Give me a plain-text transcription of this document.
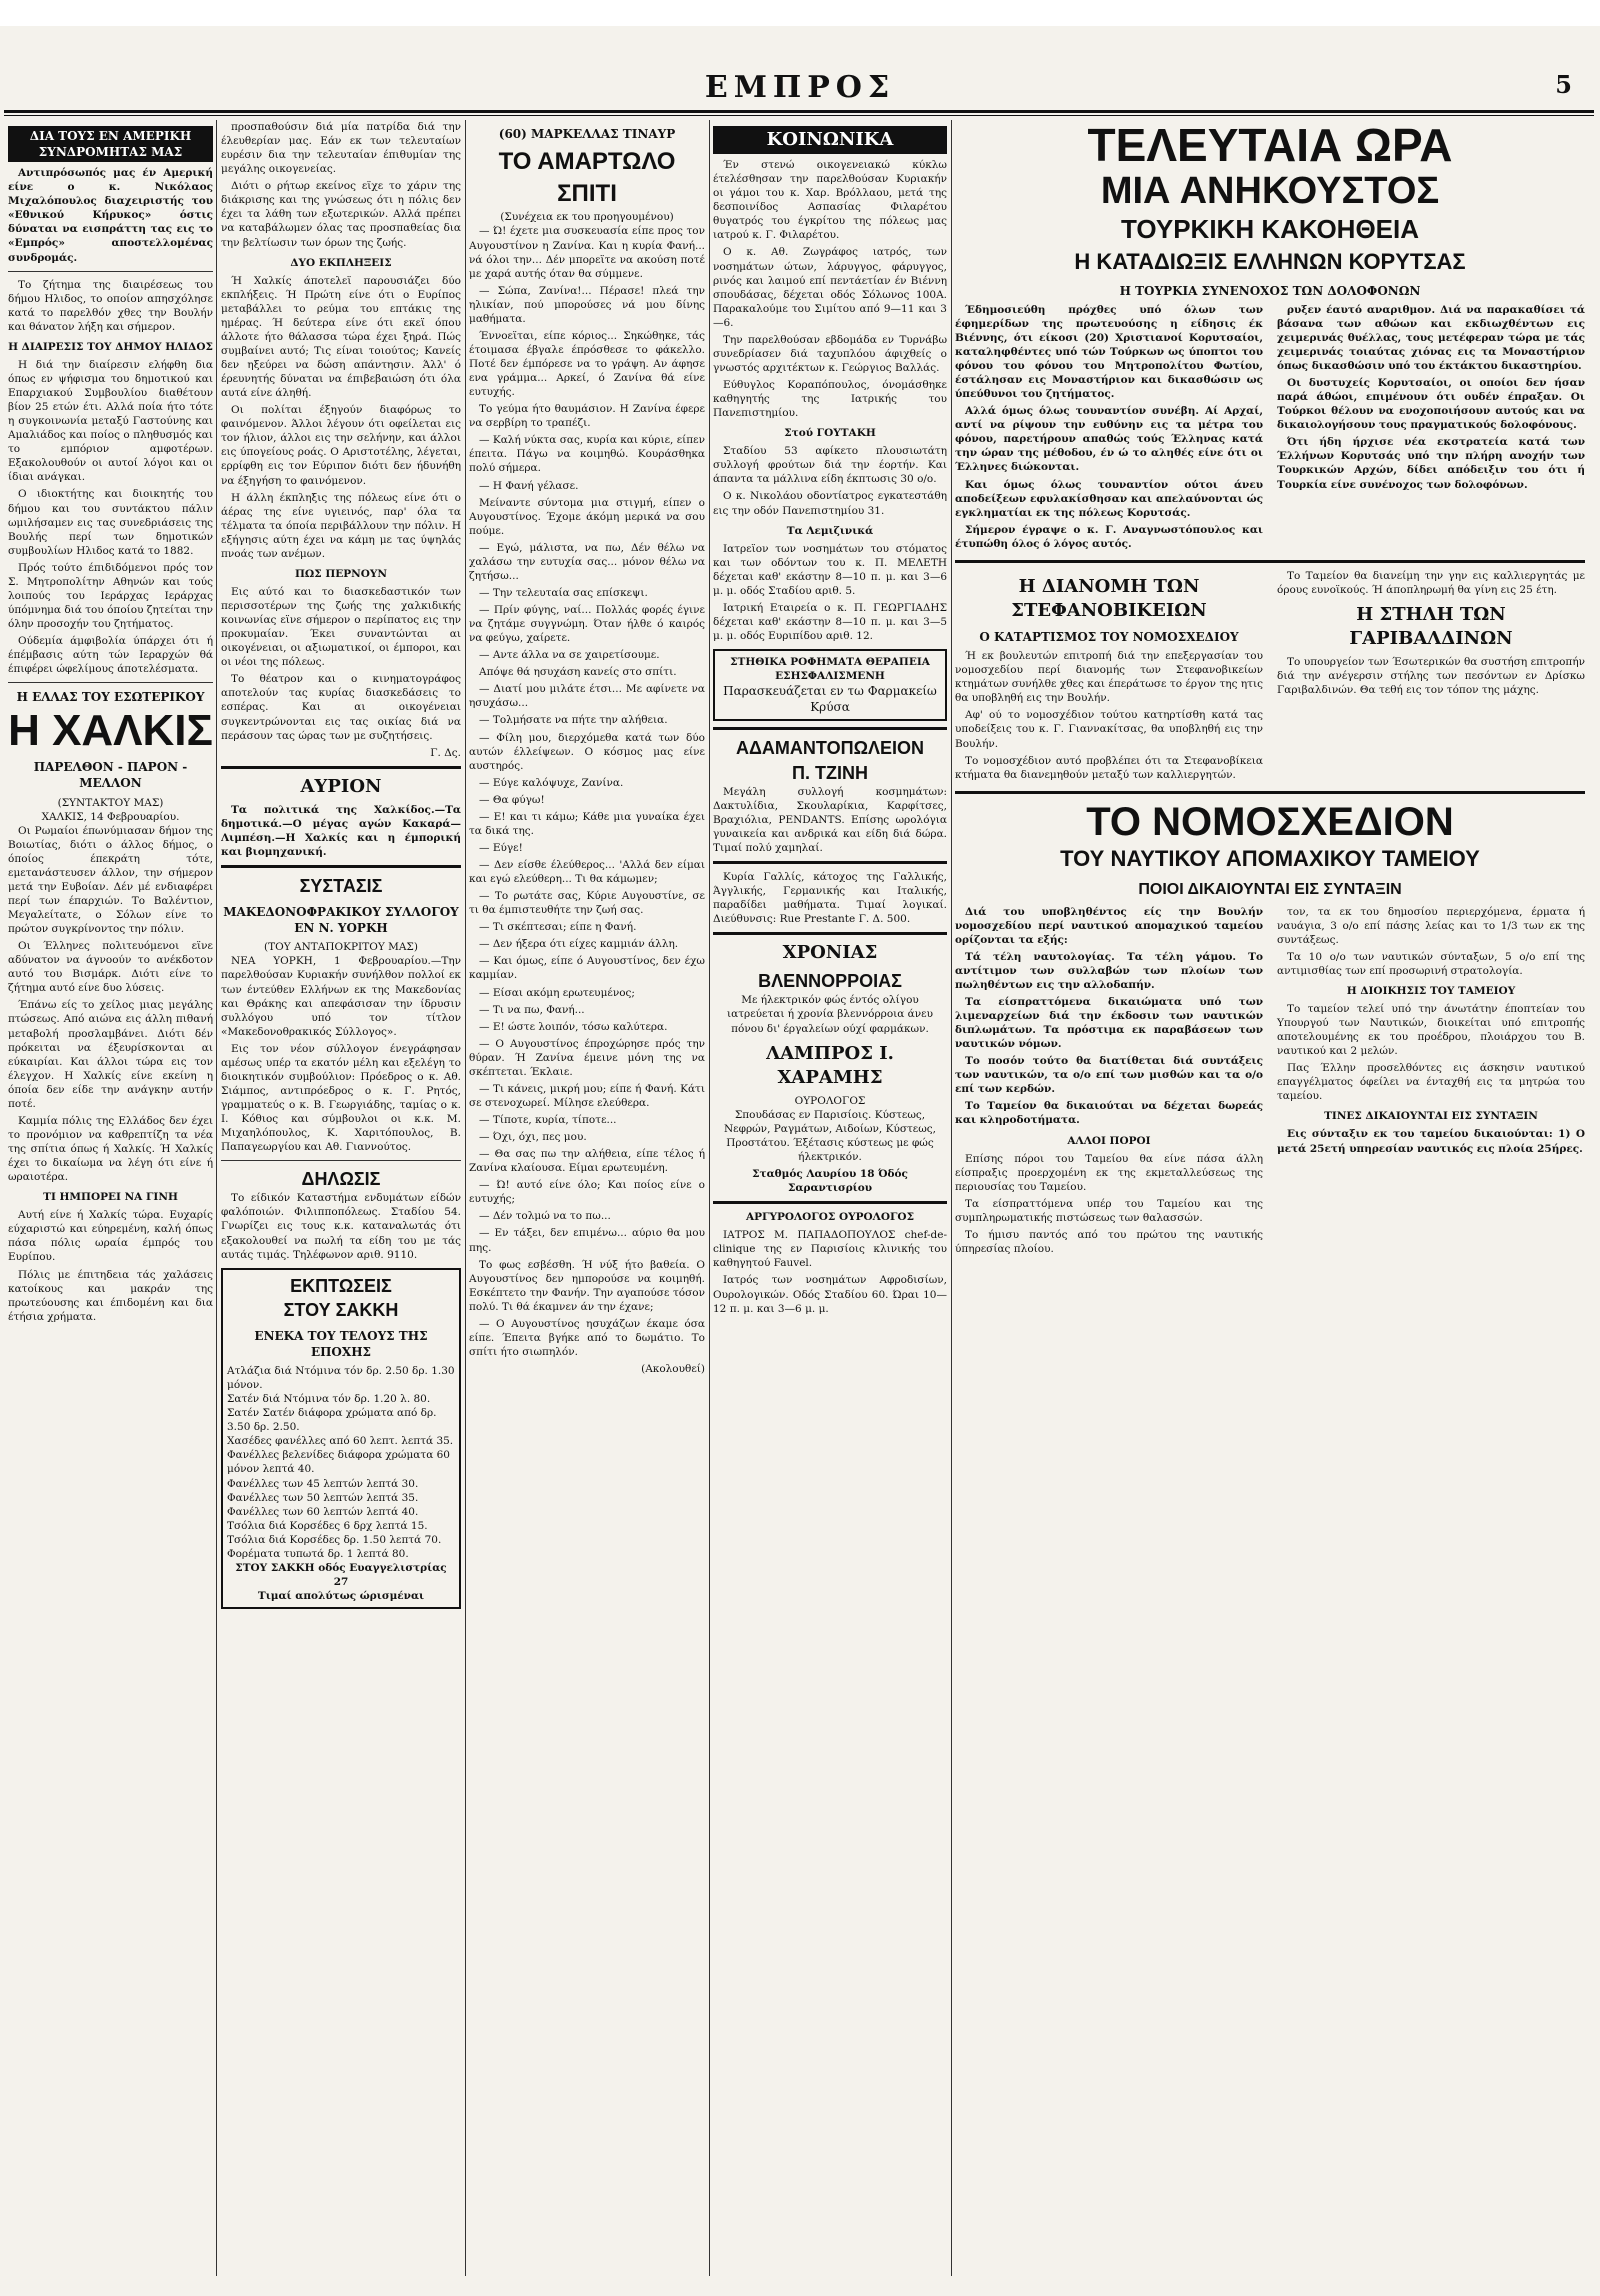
ΕΜΠΡΟΣ	5
ΔΙΑ ΤΟΥΣ ΕΝ ΑΜΕΡΙΚΗ ΣΥΝΔΡΟΜΗΤΑΣ ΜΑΣ

Αντιπρόσωπός μας έν Αμερική είνε ο κ. Νικόλαος Μιχαλόπουλος διαχειριστής του «Εθνικού Κήρυκος» όστις δύναται να εισπράττη τας εις το «Εμπρός» αποστελλομένας συνδρομάς.

Το ζήτημα της διαιρέσεως του δήμου Ηλιδος, το οποίον απησχόλησε κατά το παρελθόν χθες την Βουλήν και θάνατον λήξη και σήμερον.

Η ΔΙΑΙΡΕΣΙΣ ΤΟΥ ΔΗΜΟΥ ΗΛΙΔΟΣ

Η διά την διαίρεσιν ελήφθη δια όπως εν ψήφισμα του δημοτικού και Επαρχιακού Συμβουλίου διαθέτουν βίον 25 ετών έτι. Αλλά ποία ήτο τότε η συγκοινωνία μεταξύ Γαστούνης και Αμαλιάδος και ποίος ο πληθυσμός και το εμπόριον αμφοτέρων. Εξακολουθούν οι αυτοί λόγοι και οι ίδιαι ανάγκαι.

Ο ιδιοκτήτης και διοικητής του δήμου και του συντάκτου πάλιν ωμιλήσαμεν εις τας συνεδριάσεις της Βουλής περί των δημοτικών συμβουλίων Ηλιδος κατά το 1882.

Πρός τούτο έπιδιδόμενοι πρός τον Σ. Μητροπολίτην Αθηνών και τούς λοιπούς του Ιεράρχας Ιεράρχας ύπόμνημα διά του όποίου ζητείται την όλην προσοχήν του ζητήματος.

Ούδεμία άμφιβολία ύπάρχει ότι ή έπέμβασις αύτη τών Ιεραρχών θά έπιφέρει ώφελίμους άποτελέσματα.

Η ΕΛΛΑΣ ΤΟΥ ΕΣΩΤΕΡΙΚΟΥ
Η ΧΑΛΚΙΣ
ΠΑΡΕΛΘΟΝ - ΠΑΡΟΝ - ΜΕΛΛΟΝ
(ΣΥΝΤΑΚΤΟΥ ΜΑΣ)
ΧΑΛΚΙΣ, 14 Φεβρουαρίου.

Οι Ρωμαίοι έπωνύμιασαν δήμον της Βοιωτίας, διότι ο άλλος δήμος, ο όποίος έπεκράτη τότε, εμετανάστευσεν άλλον, την σήμερον μετά την Ευβοίαν. Δέν μέ ενδιαφέρει περί των έπαρχιών. Το Βαλέντιον, Μεγαλείτατε, ο Σόλων είνε το πρώτον συγκρίνοντος την πόλιν.

Οι Έλληνες πολιτευόμενοι εϊνε αδύνατον να άγνοούν το ανέκδοτον αυτό του Βισμάρκ. Διότι είνε το ζήτημα αυτό είνε δυο λύσεις.

Έπάνω είς το χείλος μιας μεγάλης πτώσεως. Από αιώνα εις άλλη πιθανή μεταβολή προσλαμβάνει. Διότι δέν πρόκειται να έξευρίσκονται αι εύκαιρίαι. Και άλλοι τώρα εις τον έλεγχον. Η Χαλκίς είνε εκείνη η όποία δεν είδε την ανάγκην αυτήν ποτέ.

Καμμία πόλις της Ελλάδος δεν έχει το προνόμιον να καθρεπτίζη τα νέα της σπίτια όπως ή Χαλκίς. Ή Χαλκίς έχει το δικαίωμα να λέγη ότι είνε ή ωραιοτέρα.

ΤΙ ΗΜΠΟΡΕΙ ΝΑ ΓΙΝΗ

Αυτή είνε ή Χαλκίς τώρα. Ευχαρίς εύχαριστώ και εύηρεμένη, καλή όπως πάσα πόλις ωραία έμπρός του Ευρίπου.

Πόλις με έπιτηδεια τάς χαλάσεις κατοίκους και μακράν της πρωτεύουσης και έπιδομένη και δια έτήσια χρήματα.

προσπαθούσιν διά μία πατρίδα διά την έλευθερίαν μας. Εάν εκ των τελευταίων ευρέσιν δια την τελευταίαν έπιθυμίαν της μεγάλης οικογενείας.

Διότι ο ρήτωρ εκείνος εϊχε το χάριν της διάκρισης και της γνώσεως ότι η πόλις δεν έχει τα λάθη των εξωτερικών. Αλλά πρέπει να καταβάλωμεν όλας τας προσπαθείας δια την βελτίωσιν των όρων της ζωής.

ΔΥΟ ΕΚΠΛΗΞΕΙΣ

Ή Χαλκίς άποτελεϊ παρουσιάζει δύο εκπλήξεις. Ή Πρώτη είνε ότι ο Ευρίπος μεταβάλλει το ρεύμα του επτάκις της ημέρας. Ή δεύτερα είνε ότι εκεϊ όπου άλλοτε ήτο θάλασσα τώρα έχει ξηρά. Πώς συμβαίνει αυτό; Τις είναι τοιούτος; Κανείς δεν ηξεύρει να δώση απάντησιν. Άλλ' ό έρευνητής δύναται να έπιβεβαιώση ότι όλα αυτά είνε άληθή.

Οι πολίται έξηγούν διαφόρως το φαινόμενον. Άλλοι λέγουν ότι οφείλεται εις τον ήλιον, άλλοι εις την σελήνην, και άλλοι εις ύπογείους ροάς. Ο Αριστοτέλης, λέγεται, ερρίφθη εις τον Εύριπον διότι δεν ήδυνήθη να έξηγήση το φαινόμενον.

Η άλλη έκπληξις της πόλεως είνε ότι ο άέρας της είνε υγιεινός, παρ' όλα τα τέλματα τα όποία περιβάλλουν την πόλιν. Η εξήγησις αύτη έχει να κάμη με τας ύψηλάς πνοάς των ανέμων.

ΠΩΣ ΠΕΡΝΟΥΝ

Εις αύτό και το διασκεδαστικόν των περισσοτέρων της ζωής της χαλκιδικής κοινωνίας εϊνε σήμερον ο περίπατος εις την προκυμαίαν. Έκει συναντώνται αι οικογένειαι, οι αξιωματικοί, οι έμποροι, και οι νέοι της πόλεως.

Το θέατρον και ο κινηματογράφος αποτελούν τας κυρίας διασκεδάσεις το εσπέρας. Και αι οικογένειαι συγκεντρώνονται εις τας οικίας διά να περάσουν τας ώρας των με συζητήσεις.

Γ. Δς.
ΑΥΡΙΟΝ

Τα πολιτικά της Χαλκίδος.—Τα δημοτικά.—Ο μέγας αγών Κακαρά—Λιμπέση.—Η Χαλκίς και η έμπορική και βιομηχανική.

ΣΥΣΤΑΣΙΣ
ΜΑΚΕΔΟΝΟΦΡΑΚΙΚΟΥ ΣΥΛΛΟΓΟΥ ΕΝ Ν. ΥΟΡΚΗ
(ΤΟΥ ΑΝΤΑΠΟΚΡΙΤΟΥ ΜΑΣ)

ΝΕΑ ΥΟΡΚΗ, 1 Φεβρουαρίου.—Την παρελθούσαν Κυριακήν συνήλθον πολλοί εκ των έντεύθεν Ελλήνων εκ της Μακεδονίας και Θράκης και απεφάσισαν την ίδρυσιν συλλόγου υπό τον τίτλον «Μακεδονοθρακικός Σύλλογος».

Εις τον νέον σύλλογον ένεγράφησαν αμέσως υπέρ τα εκατόν μέλη και εξελέγη το διοικητικόν συμβούλιον: Πρόεδρος ο κ. Αθ. Σιάμπος, αντιπρόεδρος ο κ. Γ. Ρητός, γραμματεύς ο κ. Β. Γεωργιάδης, ταμίας ο κ. Ι. Κόθιος και σύμβουλοι οι κ.κ. Μ. Μιχαηλόπουλος, Κ. Χαριτόπουλος, Β. Παπαγεωργίου και Αθ. Γιαννούτος.

ΔΗΛΩΣΙΣ

Το είδικόν Καταστήμα ενδυμάτων είδών φαλόποιών. Φιλιπποπόλεως. Σταδίου 54. Γνωρίζει εις τους κ.κ. καταναλωτάς ότι εξακολουθεί να πωλή τα είδη του με τάς αυτάς τιμάς. Τηλέφωνον αριθ. 9110.

ΕΚΠΤΩΣΕΙΣ
ΣΤΟΥ ΣΑΚΚΗ
ΕΝΕΚΑ ΤΟΥ ΤΕΛΟΥΣ ΤΗΣ ΕΠΟΧΗΣ
Ατλάζια διά Ντόμινα τόν δρ. 2.50 δρ. 1.30 μόνον.
Σατέν διά Ντόμινα τόν δρ. 1.20 λ. 80.
Σατέν Σατέν διάφορα χρώματα από δρ. 3.50 δρ. 2.50.
Χασέδες φανέλλες από 60 λεπτ. λεπτά 35.
Φανέλλες βελενίδες διάφορα χρώματα 60 μόνον λεπτά 40.
Φανέλλες των 45 λεπτών λεπτά 30.
Φανέλλες των 50 λεπτών λεπτά 35.
Φανέλλες των 60 λεπτών λεπτά 40.
Τσόλια διά Κορσέδες 6 δρχ λεπτά 15.
Τσόλια διά Κορσέδες δρ. 1.50 λεπτά 70.
Φορέματα τυπωτά δρ. 1 λεπτά 80.
ΣΤΟΥ ΣΑΚΚΗ οδός Ευαγγελιστρίας 27
Τιμαί απολύτως ώρισμέναι
(60) ΜΑΡΚΕΛΛΑΣ ΤΙΝΑΥΡ
ΤΟ ΑΜΑΡΤΩΛΟ ΣΠΙΤΙ
(Συνέχεια εκ του προηγουμένου)

— Ώ! έχετε μια συσκευασία είπε προς τον Αυγουστίνον η Ζανίνα. Και η κυρία Φανή... νά όλοι την... Δέν μπορεϊτε να ακούση ποτέ με χαρά αυτής όταν θα σύμμενε.

— Σώπα, Ζανίνα!... Πέρασε! πλεά την ηλικίαν, πού μπορούσες νά μου δίνης μαθήματα.

Έννοεϊται, είπε κόριος... Σηκώθηκε, τάς έτοιμασα έβγαλε έπρόσθεσε το φάκελλο. Ποτέ δεν έμπόρεσε να το γράψη. Αν άφησε ενα γράμμα... Αρκεί, ό Ζανίνα θά είνε ευτυχής.

Το γεύμα ήτο θαυμάσιον. Η Ζανίνα έφερε να σερβίρη το τραπέζι.

— Καλή νύκτα σας, κυρία και κύριε, είπεν έπειτα. Πάγω να κοιμηθώ. Κουράσθηκα πολύ σήμερα.

— Η Φανή γέλασε.

Μείναντε σύντομα μια στιγμή, είπεν ο Αυγουστίνος. Έχομε άκόμη μερικά να σου πούμε.

— Εγώ, μάλιστα, να πω, Δέν θέλω να χαλάσω την ευτυχία σας... μόνον θέλω να ζητήσω...

— Την τελευταία σας επίσκεψι.

— Πρίν φύγης, ναί... Πολλάς φορές έγινε να ζητάμε συγγνώμη. Όταν ήλθε ό καιρός να φεύγω, χαίρετε.

— Αντε άλλα να σε χαιρετίσουμε.

Απόψε θά ησυχάση κανείς στο σπίτι.

— Διατί μου μιλάτε έτσι... Με αφίνετε να ησυχάσω...

— Τολμήσατε να πήτε την αλήθεια.

— Φίλη μου, διερχόμεθα κατά των δύο αυτών έλλείψεων. Ο κόσμος μας είνε αυστηρός.

— Εύγε καλόψυχε, Ζανίνα.

— Θα φύγω!

— Ε! και τι κάμω; Κάθε μια γυναίκα έχει τα δικά της.

— Εύγε!

— Δεν είσθε έλεύθερος... 'Αλλά δεν είμαι και εγώ ελεύθερη... Τι θα κάμωμεν;

— Το ρωτάτε σας, Κύριε Αυγουστίνε, σε τι θα έμπιστευθήτε την ζωή σας.

— Τι σκέπτεσαι; είπε η Φανή.

— Δεν ήξερα ότι είχες καμμιάν άλλη.

— Και όμως, είπε ό Αυγουστίνος, δεν έχω καμμίαν.

— Είσαι ακόμη ερωτευμένος;

— Τι να πω, Φανή...

— Ε! ώστε λοιπόν, τόσω καλύτερα.

— Ο Αυγουστίνος έπροχώρησε πρός την θύραν. Ή Ζανίνα έμεινε μόνη της να σκέπτεται. Έκλαιε.

— Τι κάνεις, μικρή μου; είπε ή Φανή. Κάτι σε στενοχωρεί. Μίλησε ελεύθερα.

— Τίποτε, κυρία, τίποτε...

— Όχι, όχι, πες μου.

— Θα σας πω την αλήθεια, είπε τέλος ή Ζανίνα κλαίουσα. Είμαι ερωτευμένη.

— Ώ! αυτό είνε όλο; Και ποίος είνε ο ευτυχής;

— Δέν τολμώ να το πω...

— Εν τάξει, δεν επιμένω... αύριο θα μου πης.

Το φως εσβέσθη. Ή νύξ ήτο βαθεία. Ο Αυγουστίνος δεν ημπορούσε να κοιμηθή. Εσκέπτετο την Φανήν. Την αγαπούσε τόσον πολύ. Τι θά έκαμνεν άν την έχανε;

— Ο Αυγουστίνος ησυχάζων έκαμε όσα είπε. Έπειτα βγήκε από το δωμάτιο. Το σπίτι ήτο σιωπηλόν.

(Ακολουθεί)
ΚΟΙΝΩΝΙΚΑ

Έν στενώ οικογενειακώ κύκλω έτελέσθησαν την παρελθούσαν Κυριακήν οι γάμοι του κ. Χαρ. Βρόλλαου, μετά της δεσποινίδος Ασπασίας Φιλαρέτου θυγατρός του έγκρίτου της πόλεως μας ιατρού κ. Γ. Φιλαρέτου.

Ο κ. Αθ. Ζωγράφος ιατρός, των νοσημάτων ώτων, λάρυγγος, φάρυγγος, ρινός και λαιμού επί πεντάετίαν έν Βιέννη σπουδάσας, δέχεται οδός Σόλωνος 100Α. Παρακαλούμε του Σιμίτου από 9—11 και 3—6.

Την παρελθούσαν εβδομάδα εν Τυρνάβω συνεδρίασεν διά ταχυπλόου άφιχθείς ο γνωστός αρχιτέκτων κ. Γεώργιος Βαλλάς.

Εύθυγλος Κοραπόπουλος, όνομάσθηκε καθηγητής της Ιατρικής του Πανεπιστημίου.

Στού ΓΟΥΤΑΚΗ

Σταδίου 53 αφίκετο πλουσιωτάτη συλλογή φρούτων διά την έορτήν. Και άπαντα τα μάλλινα είδη έκπτωσις 30 ο/ο.

Ο κ. Νικολάου οδοντίατρος εγκατεστάθη εις την οδόν Πανεπιστημίου 31.

Τα Λεμιζινικά

Ιατρεϊον των νοσημάτων του στόματος και των οδόντων του κ. Π. ΜΕΛΕΤΗ δέχεται καθ' εκάστην 8—10 π. μ. και 3—6 μ. μ. οδός Σταδίου αριθ. 5.

Ιατρική Εταιρεία ο κ. Π. ΓΕΩΡΓΙΑΔΗΣ δέχεται καθ' εκάστην 8—10 π. μ. και 3—5 μ. μ. οδός Ευριπίδου αριθ. 12.

ΣΤΗΘΙΚΑ ΡΟΦΗΜΑΤΑ ΘΕΡΑΠΕΙΑ ΕΣΗΣΦΑΛΙΣΜΕΝΗ
Παρασκευάζεται εν τω Φαρμακείω Κρύσα
ΑΔΑΜΑΝΤΟΠΩΛΕΙΟΝ
Π. ΤΖΙΝΗ

Μεγάλη συλλογή κοσμημάτων: Δακτυλίδια, Σκουλαρίκια, Καρφίτσες, Βραχιόλια, PENDANTS. Επίσης ωρολόγια γυναικεία και ανδρικά και είδη διά δώρα. Τιμαί πολύ χαμηλαί.

Κυρία Γαλλίς, κάτοχος της Γαλλικής, Άγγλικής, Γερμανικής και Ιταλικής, παραδίδει μαθήματα. Τιμαί λογικαί. Διεύθυνσις: Rue Prestante Γ. Δ. 500.

ΧΡΟΝΙΑΣ
ΒΛΕΝΝΟΡΡΟΙΑΣ

Με ήλεκτρικόν φώς έντός ολίγου ιατρεύεται ή χρονία βλεννόρροια άνευ πόνου δι' έργαλείων ούχί φαρμάκων.

ΛΑΜΠΡΟΣ Ι. ΧΑΡΑΜΗΣ
ΟΥΡΟΛΟΓΟΣ

Σπουδάσας εν Παρισίοις. Κύστεως, Νεφρών, Ραγμάτων, Αιδοίων, Κύστεως, Προστάτου. Έξέτασις κύστεως με φώς ήλεκτρικόν.

Σταθμός Λαυρίου 18 Όδός Σαραντισρίου
ΑΡΓΥΡΟΛΟΓΟΣ ΟΥΡΟΛΟΓΟΣ

ΙΑΤΡΟΣ Μ. ΠΑΠΑΔΟΠΟΥΛΟΣ chef-de-clinique της εν Παρισίοις κλινικής του καθηγητού Fauvel.

Ιατρός των νοσημάτων Αφροδισίων, Ουρολογικών. Οδός Σταδίου 60. Ώραι 10—12 π. μ. και 3—6 μ. μ.

ΤΕΛΕΥΤΑΙΑ ΩΡΑ
ΜΙΑ ΑΝΗΚΟΥΣΤΟΣ
ΤΟΥΡΚΙΚΗ ΚΑΚΟΗΘΕΙΑ
Η ΚΑΤΑΔΙΩΞΙΣ ΕΛΛΗΝΩΝ ΚΟΡΥΤΣΑΣ
Η ΤΟΥΡΚΙΑ ΣΥΝΕΝΟΧΟΣ ΤΩΝ ΔΟΛΟΦΟΝΩΝ

Έδημοσιεύθη πρόχθες υπό όλων των έφημερίδων της πρωτευούσης η είδησις έκ Βιέννης, ότι είκοσι (20) Χριστιανοί Κορυτσαίοι, καταληφθέντες υπό τών Τούρκων ως ύποπτοι του φόνου του φόνου του Μητροπολίτου Φωτίου, έστάλησαν εις Μοναστήριον και δικασθώσιν ως ύπεύθυνοι του ζητήματος.

Αλλά όμως όλως τουναντίον συνέβη. Αί Αρχαί, αντί να ρίψουν την ευθύνην εις τα μέτρα του φόνου, παρετήρουν απαθώς τούς Έλληνας κατά την ώραν της μέθοδου, έν ώ το αληθές είνε ότι οι Έλληνες διώκονται.

Και όμως όλως τουναντίον ούτοι άνευ αποδείξεων εφυλακίσθησαν και απελαύνονται ώς εγκληματίαι εκ της πόλεως Κορυτσάς.

Σήμερον έγραψε ο κ. Γ. Αναγνωστόπουλος και έτυπώθη όλος ό λόγος αυτός.

ρυξεν έαυτό αναριθμον. Διά να παρακαθίσει τά βάσανα των αθώων και εκδιωχθέντων εις χειμερινάς θυέλλας, τους μετέφεραν τώρα με τάς χειμερινάς τοιαύτας χιόνας εις τα Μοναστήριον όπως δικασθώσιν υπό του έκτάκτου δικαστηρίου.

Οι δυστυχείς Κορυτσαίοι, οι οποίοι δεν ήσαν παρά άθώοι, επιμένουν ότι ουδέν έπραξαν. Οι Τούρκοι θέλουν να ενοχοποιήσουν αυτούς και να δικαιολογήσουν τους πραγματικούς δολοφόνους.

Ότι ήδη ήρχισε νέα εκστρατεία κατά των Έλλήνων Κορυτσάς υπό την πλήρη ανοχήν των Τουρκικών Αρχών, δίδει απόδειξιν του ότι ή Τουρκία είνε συνένοχος των δολοφόνων.

Η ΔΙΑΝΟΜΗ ΤΩΝ ΣΤΕΦΑΝΟΒΙΚΕΙΩΝ
Ο ΚΑΤΑΡΤΙΣΜΟΣ ΤΟΥ ΝΟΜΟΣΧΕΔΙΟΥ

Ή εκ βουλευτών επιτροπή διά την επεξεργασίαν του νομοσχεδίου περί διανομής των Στεφανοβικείων κτημάτων συνήλθε χθες και έπεράτωσε το έργον της ητις θα υποβληθή εις την Βουλήν.

Αφ' ού το νομοσχέδιον τούτου κατηρτίσθη κατά τας υποδείξεις του κ. Γ. Γιαννακίτσας, θα υποβληθή εις την Βουλήν.

Το νομοσχέδιον αυτό προβλέπει ότι τα Στεφανοβίκεια κτήματα θα διανεμηθούν μεταξύ των καλλιεργητών.

Το Ταμείον θα διανείμη την γην εις καλλιεργητάς με όρους ευνοϊκούς. Ή άποπληρωμή θα γίνη εις 25 έτη.

Η ΣΤΗΛΗ ΤΩΝ ΓΑΡΙΒΑΛΔΙΝΩΝ

Το υπουργείον των Έσωτερικών θα συστήση επιτροπήν διά την ανέγερσιν στήλης των πεσόντων εν Δρίσκω Γαριβαλδινών. Θα τεθή εις τον τόπον της μάχης.

ΤΟ ΝΟΜΟΣΧΕΔΙΟΝ
ΤΟΥ ΝΑΥΤΙΚΟΥ ΑΠΟΜΑΧΙΚΟΥ ΤΑΜΕΙΟΥ
ΠΟΙΟΙ ΔΙΚΑΙΟΥΝΤΑΙ ΕΙΣ ΣΥΝΤΑΞΙΝ

Διά του υποβληθέντος είς την Βουλήν νομοσχεδίου περί ναυτικού απομαχικού ταμείου ορίζονται τα εξής:

Τά τέλη ναυτολογίας. Τα τέλη γάμου. Το αντίτιμον των συλλαβών των πλοίων των πωληθέντων εις την αλλοδαπήν.

Τα είσπραττόμενα δικαιώματα υπό των λιμεναρχείων διά την έκδοσιν των ναυτικών διπλωμάτων. Τα πρόστιμα εκ παραβάσεων των ναυτικών νόμων.

Το ποσόν τούτο θα διατίθεται διά συντάξεις των ναυτικών, τα ο/ο επί των μισθών και τα ο/ο επί των κερδών.

Το Ταμείον θα δικαιούται να δέχεται δωρεάς και κληροδοτήματα.

ΑΛΛΟΙ ΠΟΡΟΙ

Επίσης πόροι του Ταμείου θα είνε πάσα άλλη είσπραξις προερχομένη εκ της εκμεταλλεύσεως της περιουσίας του Ταμείου.

Τα είσπραττόμενα υπέρ του Ταμείου και της συμπληρωματικής πιστώσεως των θαλασσών.

Το ήμισυ παντός από του πρώτου της ναυτικής ύπηρεσίας πλοίου.

τον, τα εκ του δημοσίου περιερχόμενα, έρματα ή ναυάγια, 3 ο/ο επί πάσης λείας και το 1/3 των εκ της συντάξεως.

Τα 10 ο/ο των ναυτικών σύνταξων, 5 ο/ο επί της αντιμισθίας των επί προσωρινή στρατολογία.

Η ΔΙΟΙΚΗΣΙΣ ΤΟΥ ΤΑΜΕΙΟΥ

Το ταμείον τελεί υπό την άνωτάτην έποπτείαν του Υπουργού των Ναυτικών, διοικείται υπό επιτροπής αποτελουμένης εκ του προέδρου, πλοιάρχου του Β. ναυτικού και 2 μελών.

Πας Έλλην προσελθόντες εις άσκησιν ναυτικού επαγγέλματος όφείλει να ένταχθή εις τα μητρώα του ταμείου.

ΤΙΝΕΣ ΔΙΚΑΙΟΥΝΤΑΙ ΕΙΣ ΣΥΝΤΑΞΙΝ

Εις σύνταξιν εκ του ταμείου δικαιούνται: 1) Ο μετά 25ετή υπηρεσίαν ναυτικός εις πλοία 25ήρες.
